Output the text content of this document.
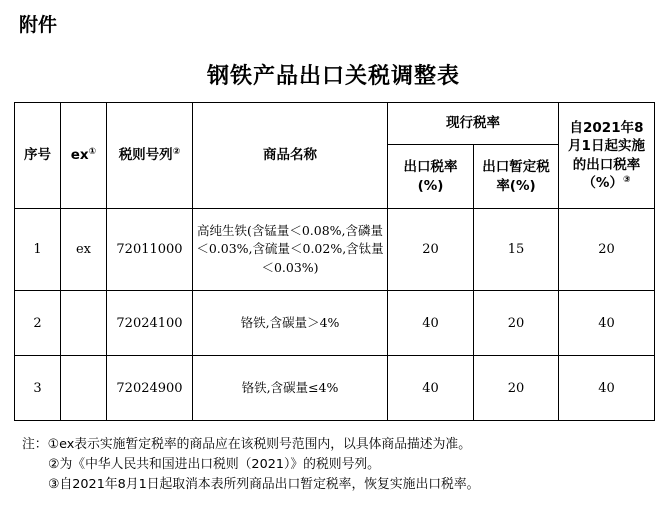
附件
钢铁产品出口关税调整表
序号	ex①	税则号列②	商品名称	现行税率		自2021年8月1日起实施的出口税率（%）③
				出口税率(%)	出口暂定税率(%)	
1	ex	72011000	高纯生铁(含锰量＜0.08%,含磷量＜0.03%,含硫量＜0.02%,含钛量＜0.03%)	20	15	20
2		72024100	铬铁,含碳量＞4%	40	20	40
3		72024900	铬铁,含碳量≤4%	40	20	40
注：①ex表示实施暂定税率的商品应在该税则号范围内，以具体商品描述为准。
②为《中华人民共和国进出口税则（2021）》的税则号列。
③自2021年8月1日起取消本表所列商品出口暂定税率，恢复实施出口税率。
